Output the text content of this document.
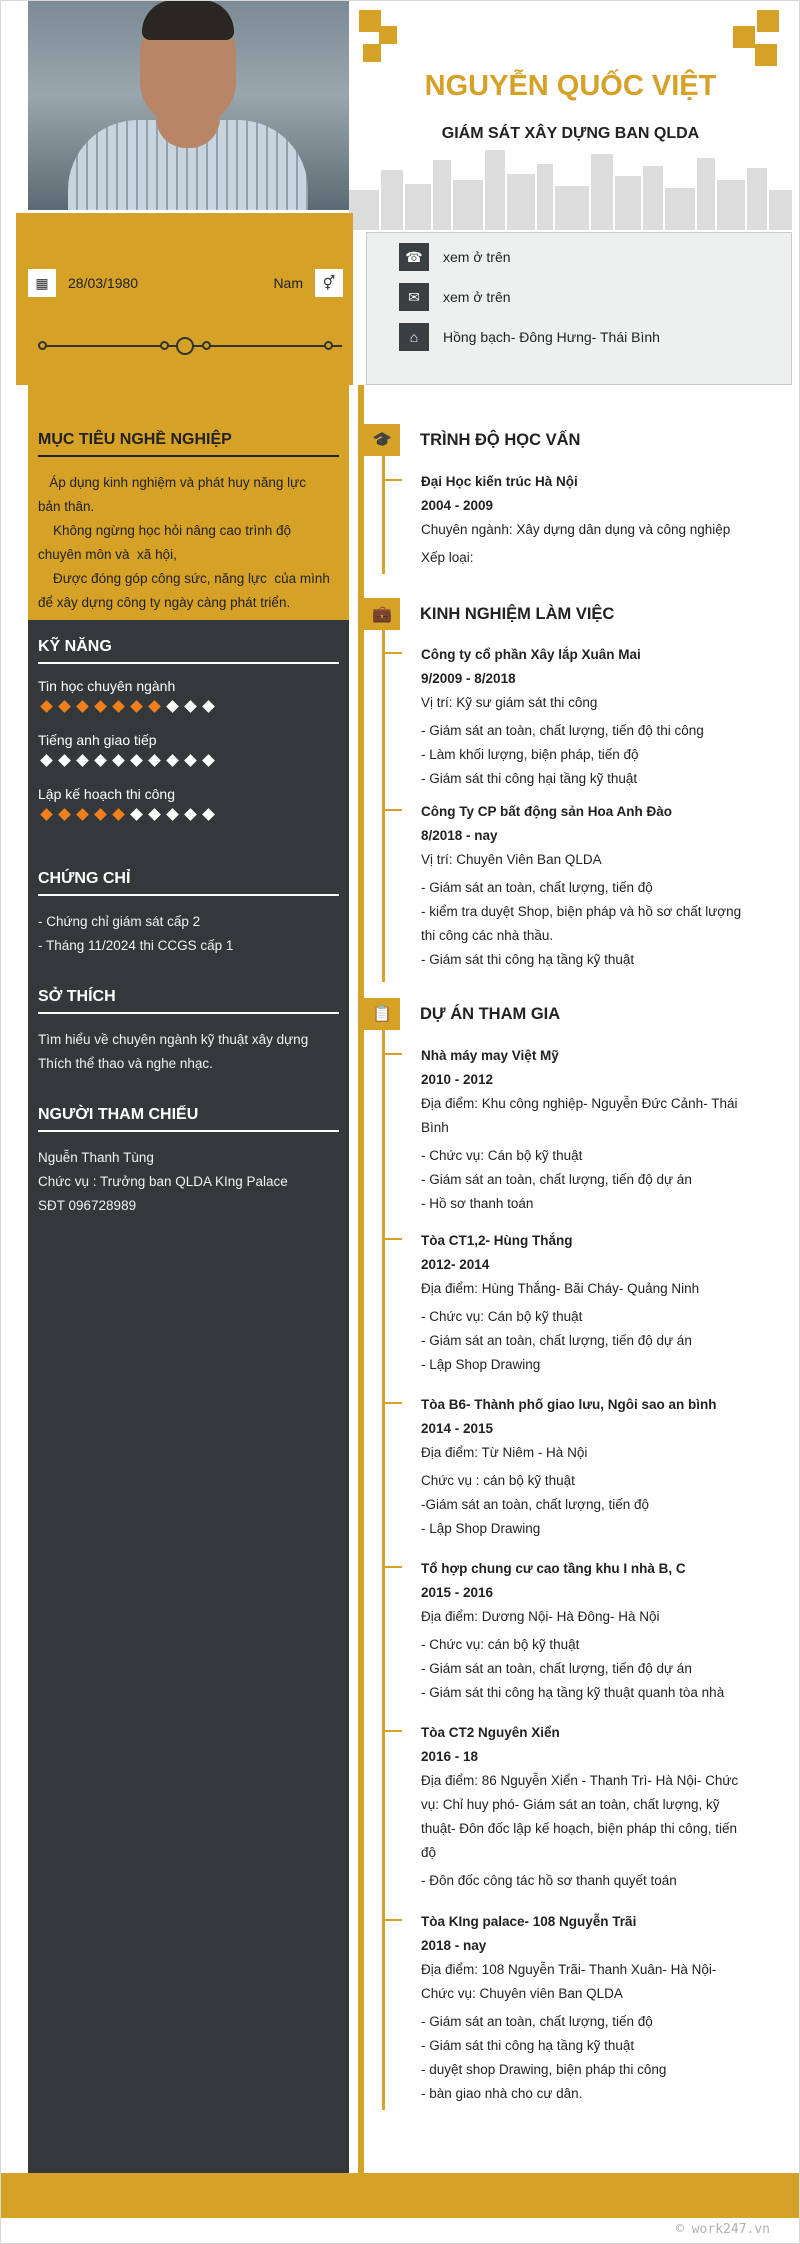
NGUYỄN QUỐC VIỆT
GIÁM SÁT XÂY DỰNG BAN QLDA
▦	28/03/1980	Nam	⚥
☎	xem ở trên
✉	xem ở trên
⌂	Hồng bạch- Đông Hưng- Thái Bình
MỤC TIÊU NGHỀ NGHIỆP
Áp dụng kinh nghiệm và phát huy năng lực
bản thân.
Không ngừng học hỏi nâng cao trình độ
chuyên môn và  xã hội,
Được đóng góp công sức, năng lực  của mình
để xây dựng công ty ngày càng phát triển.
KỸ NĂNG
Tin học chuyên ngành
Tiếng anh giao tiếp
Lập kế hoạch thi công
CHỨNG CHỈ
- Chứng chỉ giám sát cấp 2
- Tháng 11/2024 thi CCGS cấp 1
SỞ THÍCH
Tìm hiểu về chuyên ngành kỹ thuật xây dựng
Thích thể thao và nghe nhạc.
NGƯỜI THAM CHIẾU
Nguễn Thanh Tùng
Chức vụ : Trưởng ban QLDA KIng Palace
SĐT 096728989
🎓	TRÌNH ĐỘ HỌC VẤN
Đại Học kiến trúc Hà Nội
2004 - 2009
Chuyên ngành: Xây dựng dân dụng và công nghiệp
Xếp loại:
💼	KINH NGHIỆM LÀM VIỆC
Công ty cổ phần Xây lắp Xuân Mai
9/2009 - 8/2018
Vị trí: Kỹ sư giám sát thi công
- Giám sát an toàn, chất lượng, tiến độ thi công
- Làm khối lượng, biện pháp, tiến độ
- Giám sát thi công hại tầng kỹ thuật
Công Ty CP bất động sản Hoa Anh Đào
8/2018 - nay
Vị trí: Chuyên Viên Ban QLDA
- Giám sát an toàn, chất lượng, tiến độ
- kiểm tra duyệt Shop, biện pháp và hồ sơ chất lượng
thi công các nhà thầu.
- Giám sát thi công hạ tầng kỹ thuật
📋	DỰ ÁN THAM GIA
Nhà máy may Việt Mỹ
2010 - 2012
Địa điểm: Khu công nghiệp- Nguyễn Đức Cảnh- Thái
Bình
- Chức vụ: Cán bộ kỹ thuật
- Giám sát an toàn, chất lượng, tiến độ dự án
- Hồ sơ thanh toán
Tòa CT1,2- Hùng Thắng
2012- 2014
Địa điểm: Hùng Thắng- Bãi Cháy- Quảng Ninh
- Chức vụ: Cán bộ kỹ thuật
- Giám sát an toàn, chất lượng, tiến độ dự án
- Lập Shop Drawing
Tòa B6- Thành phố giao lưu, Ngôi sao an bình
2014 - 2015
Địa điểm: Từ Niêm - Hà Nội
Chức vụ : cán bộ kỹ thuật
-Giám sát an toàn, chất lượng, tiến độ
- Lập Shop Drawing
Tổ hợp chung cư cao tầng khu I nhà B, C
2015 - 2016
Địa điểm: Dương Nội- Hà Đông- Hà Nội
- Chức vụ: cán bộ kỹ thuật
- Giám sát an toàn, chất lượng, tiến độ dự án
- Giám sát thi công hạ tầng kỹ thuật quanh tòa nhà
Tòa CT2 Nguyên Xiển
2016 - 18
Địa điểm: 86 Nguyễn Xiển - Thanh Trì- Hà Nội- Chức
vụ: Chỉ huy phó- Giám sát an toàn, chất lượng, kỹ
thuật- Đôn đốc lập kế hoạch, biện pháp thi công, tiến
độ
- Đôn đốc công tác hồ sơ thanh quyết toán
Tòa KIng palace- 108 Nguyễn Trãi
2018 - nay
Địa điểm: 108 Nguyễn Trãi- Thanh Xuân- Hà Nội-
Chức vụ: Chuyên viên Ban QLDA
- Giám sát an toàn, chất lượng, tiến độ
- Giám sát thi công hạ tầng kỹ thuật
- duyệt shop Drawing, biện pháp thi công
- bàn giao nhà cho cư dân.
© work247.vn
